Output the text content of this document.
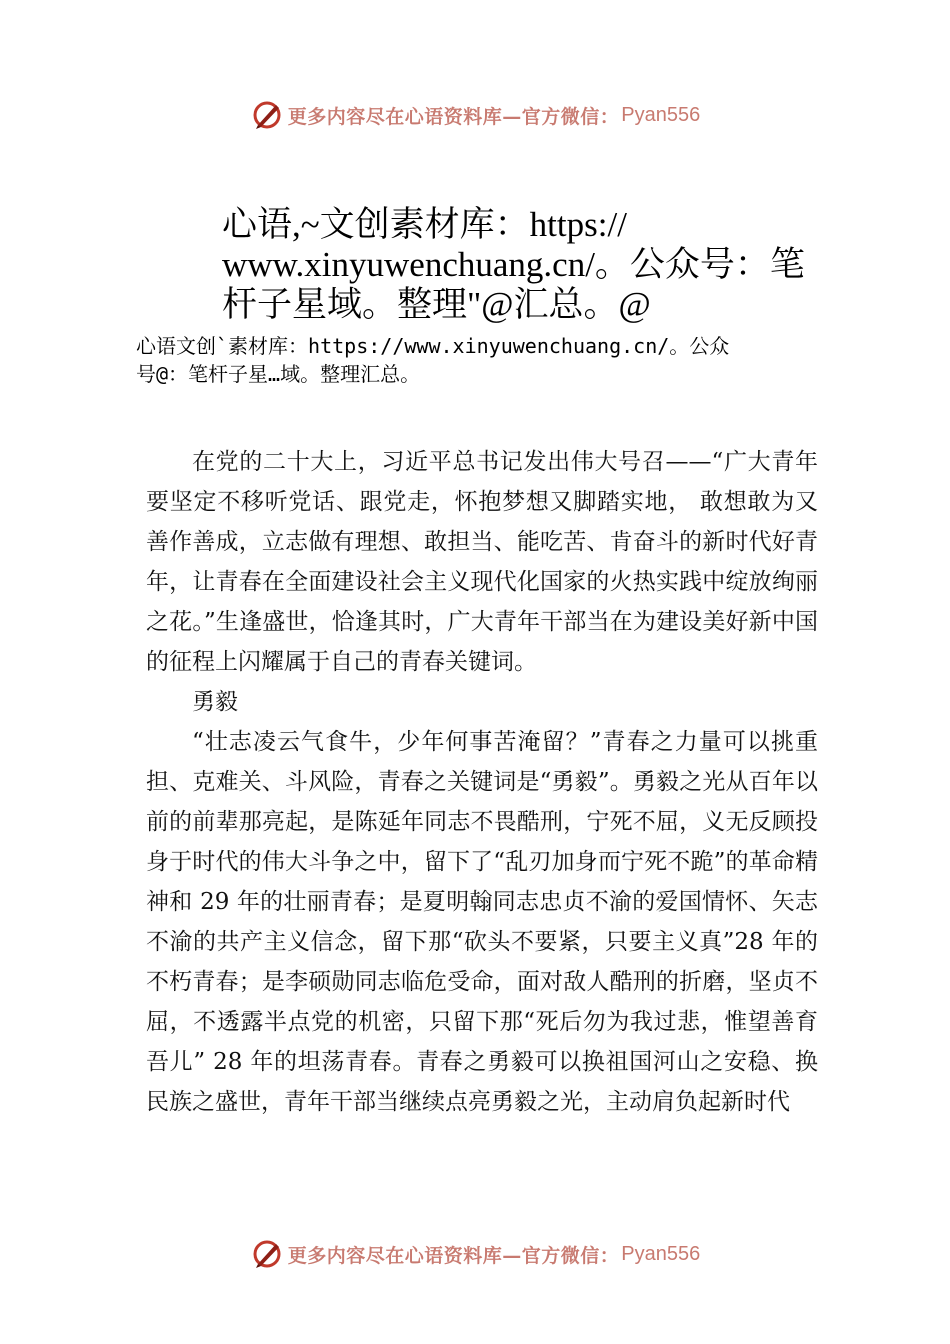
更多内容尽在心语资料库—官方微信： Pyan556
心语,~文创素材库：https://
www.xinyuwenchuang.cn/。公众号：笔
杆子星域。整理"@汇总。@
心语文创`素材库：https://www.xinyuwenchuang.cn/。公众
号@：笔杆子星…域。整理汇总。

在党的二十大上，习近平总书记发出伟大号召——“广大青年要坚定不移听党话、跟党走，怀抱梦想又脚踏实地， 敢想敢为又善作善成，立志做有理想、敢担当、能吃苦、肯奋斗的新时代好青年，让青春在全面建设社会主义现代化国家的火热实践中绽放绚丽之花。”生逢盛世，恰逢其时，广大青年干部当在为建设美好新中国的征程上闪耀属于自己的青春关键词。

勇毅

“壮志凌云气食牛，少年何事苦淹留？”青春之力量可以挑重担、克难关、斗风险，青春之关键词是“勇毅”。勇毅之光从百年以前的前辈那亮起，是陈延年同志不畏酷刑，宁死不屈，义无反顾投身于时代的伟大斗争之中，留下了“乱刃加身而宁死不跪”的革命精神和 29 年的壮丽青春；是夏明翰同志忠贞不渝的爱国情怀、矢志不渝的共产主义信念，留下那“砍头不要紧，只要主义真”28 年的不朽青春；是李硕勋同志临危受命，面对敌人酷刑的折磨，坚贞不屈，不透露半点党的机密，只留下那“死后勿为我过悲，惟望善育吾儿” 28 年的坦荡青春。青春之勇毅可以换祖国河山之安稳、换民族之盛世，青年干部当继续点亮勇毅之光，主动肩负起新时代

更多内容尽在心语资料库—官方微信： Pyan556
